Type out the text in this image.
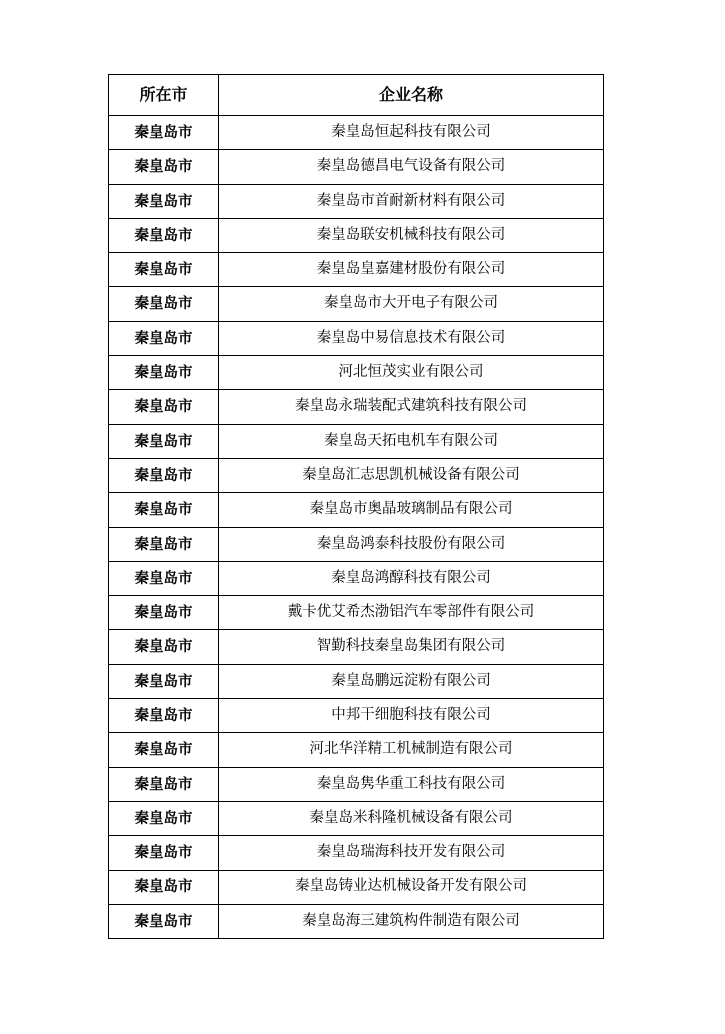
所在市	企业名称
秦皇岛市	秦皇岛恒起科技有限公司
秦皇岛市	秦皇岛德昌电气设备有限公司
秦皇岛市	秦皇岛市首耐新材料有限公司
秦皇岛市	秦皇岛联安机械科技有限公司
秦皇岛市	秦皇岛皇嘉建材股份有限公司
秦皇岛市	秦皇岛市大开电子有限公司
秦皇岛市	秦皇岛中易信息技术有限公司
秦皇岛市	河北恒茂实业有限公司
秦皇岛市	秦皇岛永瑞装配式建筑科技有限公司
秦皇岛市	秦皇岛天拓电机车有限公司
秦皇岛市	秦皇岛汇志思凯机械设备有限公司
秦皇岛市	秦皇岛市奥晶玻璃制品有限公司
秦皇岛市	秦皇岛鸿泰科技股份有限公司
秦皇岛市	秦皇岛鸿醇科技有限公司
秦皇岛市	戴卡优艾希杰渤铝汽车零部件有限公司
秦皇岛市	智勤科技秦皇岛集团有限公司
秦皇岛市	秦皇岛鹏远淀粉有限公司
秦皇岛市	中邦干细胞科技有限公司
秦皇岛市	河北华洋精工机械制造有限公司
秦皇岛市	秦皇岛隽华重工科技有限公司
秦皇岛市	秦皇岛米科隆机械设备有限公司
秦皇岛市	秦皇岛瑞海科技开发有限公司
秦皇岛市	秦皇岛铸业达机械设备开发有限公司
秦皇岛市	秦皇岛海三建筑构件制造有限公司
